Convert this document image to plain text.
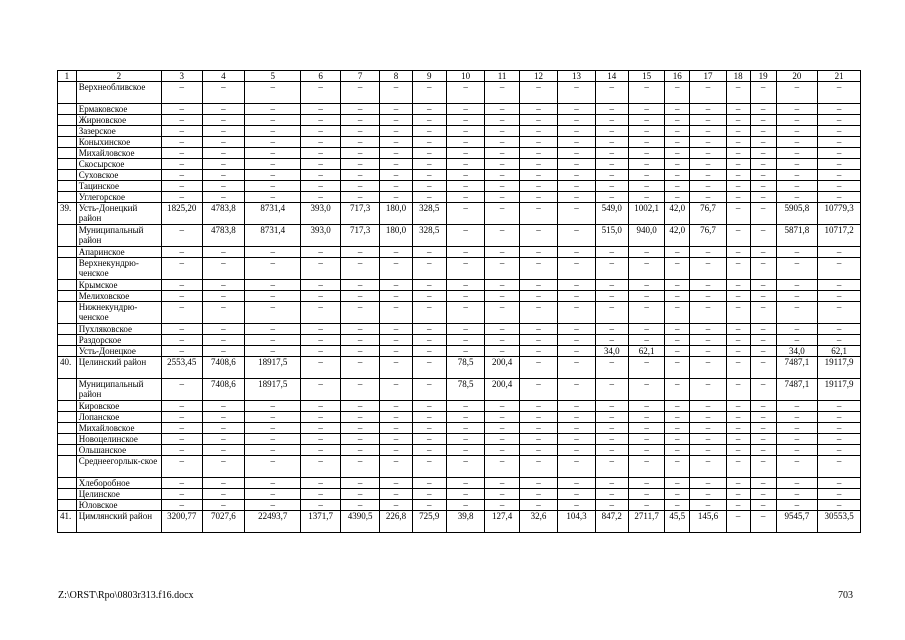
1	2	3	4	5	6	7	8	9	10	11	12	13	14	15	16	17	18	19	20	21
	Верхнеобливское	–	–	–	–	–	–	–	–	–	–	–	–	–	–	–	–	–	–	–
	Ермаковское	–	–	–	–	–	–	–	–	–	–	–	–	–	–	–	–	–	–	–
	Жирновское	–	–	–	–	–	–	–	–	–	–	–	–	–	–	–	–	–	–	–
	Зазерское	–	–	–	–	–	–	–	–	–	–	–	–	–	–	–	–	–	–	–
	Коныхинское	–	–	–	–	–	–	–	–	–	–	–	–	–	–	–	–	–	–	–
	Михайловское	–	–	–	–	–	–	–	–	–	–	–	–	–	–	–	–	–	–	–
	Скосырское	–	–	–	–	–	–	–	–	–	–	–	–	–	–	–	–	–	–	–
	Суховское	–	–	–	–	–	–	–	–	–	–	–	–	–	–	–	–	–	–	–
	Тацинское	–	–	–	–	–	–	–	–	–	–	–	–	–	–	–	–	–	–	–
	Углегорское	–	–	–	–	–	–	–	–	–	–	–	–	–	–	–	–	–	–	–
39.	Усть-Донецкий район	1825,20	4783,8	8731,4	393,0	717,3	180,0	328,5	–	–	–	–	549,0	1002,1	42,0	76,7	–	–	5905,8	10779,3
	Муниципальный район	–	4783,8	8731,4	393,0	717,3	180,0	328,5	–	–	–	–	515,0	940,0	42,0	76,7	–	–	5871,8	10717,2
	Апаринское	–	–	–	–	–	–	–	–	–	–	–	–	–	–	–	–	–	–	–
	Верхнекундрю-ченское	–	–	–	–	–	–	–	–	–	–	–	–	–	–	–	–	–	–	–
	Крымское	–	–	–	–	–	–	–	–	–	–	–	–	–	–	–	–	–	–	–
	Мелиховское	–	–	–	–	–	–	–	–	–	–	–	–	–	–	–	–	–	–	–
	Нижнекундрю-ченское	–	–	–	–	–	–	–	–	–	–	–	–	–	–	–	–	–	–	–
	Пухляковское	–	–	–	–	–	–	–	–	–	–	–	–	–	–	–	–	–	–	–
	Раздорское	–	–	–	–	–	–	–	–	–	–	–	–	–	–	–	–	–	–	–
	Усть-Донецкое	–	–	–	–	–	–	–	–	–	–	–	34,0	62,1	–	–	–	–	34,0	62,1
40.	Целинский район	2553,45	7408,6	18917,5	–	–	–	–	78,5	200,4	–	–	–	–	–	–	–	–	7487,1	19117,9
	Муниципальный район	–	7408,6	18917,5	–	–	–	–	78,5	200,4	–	–	–	–	–	–	–	–	7487,1	19117,9
	Кировское	–	–	–	–	–	–	–	–	–	–	–	–	–	–	–	–	–	–	–
	Лопанское	–	–	–	–	–	–	–	–	–	–	–	–	–	–	–	–	–	–	–
	Михайловское	–	–	–	–	–	–	–	–	–	–	–	–	–	–	–	–	–	–	–
	Новоцелинское	–	–	–	–	–	–	–	–	–	–	–	–	–	–	–	–	–	–	–
	Ольшанское	–	–	–	–	–	–	–	–	–	–	–	–	–	–	–	–	–	–	–
	Среднеегорлык-ское	–	–	–	–	–	–	–	–	–	–	–	–	–	–	–	–	–	–	–
	Хлеборобное	–	–	–	–	–	–	–	–	–	–	–	–	–	–	–	–	–	–	–
	Целинское	–	–	–	–	–	–	–	–	–	–	–	–	–	–	–	–	–	–	–
	Юловское	–	–	–	–	–	–	–	–	–	–	–	–	–	–	–	–	–	–	–
41.	Цимлянский район	3200,77	7027,6	22493,7	1371,7	4390,5	226,8	725,9	39,8	127,4	32,6	104,3	847,2	2711,7	45,5	145,6	–	–	9545,7	30553,5
Z:\ORST\Rpo\0803r313.f16.docx	703
